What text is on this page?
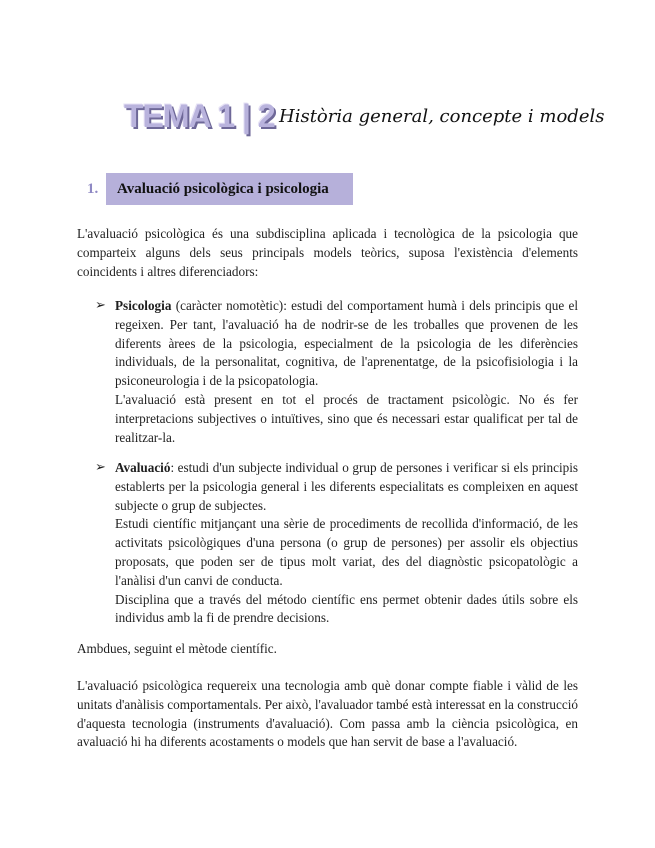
TEMA 1 | 2 Història general, concepte i models
1. Avaluació psicològica i psicologia
L'avaluació psicològica és una subdisciplina aplicada i tecnològica de la psicologia que comparteix alguns dels seus principals models teòrics, suposa l'existència d'elements coincidents i altres diferenciadors:
➢ Psicologia (caràcter nomotètic): estudi del comportament humà i dels principis que el regeixen. Per tant, l'avaluació ha de nodrir-se de les troballes que provenen de les diferents àrees de la psicologia, especialment de la psicologia de les diferències individuals, de la personalitat, cognitiva, de l'aprenentatge, de la psicofisiologia i la psiconeurologia i de la psicopatologia.

L'avaluació està present en tot el procés de tractament psicològic. No és fer interpretacions subjectives o intuïtives, sino que és necessari estar qualificat per tal de realitzar-la.

➢ Avaluació: estudi d'un subjecte individual o grup de persones i verificar si els principis establerts per la psicologia general i les diferents especialitats es compleixen en aquest subjecte o grup de subjectes.

Estudi científic mitjançant una sèrie de procediments de recollida d'informació, de les activitats psicològiques d'una persona (o grup de persones) per assolir els objectius proposats, que poden ser de tipus molt variat, des del diagnòstic psicopatològic a l'anàlisi d'un canvi de conducta.

Disciplina que a través del método científic ens permet obtenir dades útils sobre els individus amb la fi de prendre decisions.

Ambdues, seguint el mètode científic.
L'avaluació psicològica requereix una tecnologia amb què donar compte fiable i vàlid de les unitats d'anàlisis comportamentals. Per això, l'avaluador també està interessat en la construcció d'aquesta tecnologia (instruments d'avaluació). Com passa amb la ciència psicològica, en avaluació hi ha diferents acostaments o models que han servit de base a l'avaluació.
